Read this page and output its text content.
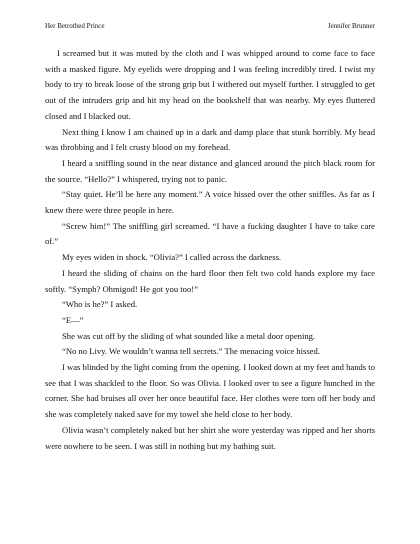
Her Betrothed Prince	Jennifer Brunner

I screamed but it was muted by the cloth and I was whipped around to come face to face with a masked figure. My eyelids were dropping and I was feeling incredibly tired. I twist my body to try to break loose of the strong grip but I withered out myself further. I struggled to get out of the intruders grip and hit my head on the bookshelf that was nearby. My eyes fluttered closed and I blacked out.

Next thing I know I am chained up in a dark and damp place that stunk horribly. My head was throbbing and I felt crusty blood on my forehead.

I heard a sniffling sound in the near distance and glanced around the pitch black room for the source. “Hello?” I whispered, trying not to panic.

“Stay quiet. He’ll be here any moment.” A voice hissed over the other sniffles. As far as I knew there were three people in here.

“Screw him!” The sniffling girl screamed. “I have a fucking daughter I have to take care of.”

My eyes widen in shock. “Olivia?” I called across the darkness.

I heard the sliding of chains on the hard floor then felt two cold hands explore my face softly. “Symph? Ohmigod! He got you too!”

“Who is he?” I asked.

“E—”

She was cut off by the sliding of what sounded like a metal door opening.

“No no Livy. We wouldn’t wanna tell secrets.” The menacing voice hissed.

I was blinded by the light coming from the opening. I looked down at my feet and hands to see that I was shackled to the floor. So was Olivia. I looked over to see a figure hunched in the corner. She had bruises all over her once beautiful face. Her clothes were torn off her body and she was completely naked save for my towel she held close to her body.

Olivia wasn’t completely naked but her shirt she wore yesterday was ripped and her shorts were nowhere to be seen. I was still in nothing but my bathing suit.
